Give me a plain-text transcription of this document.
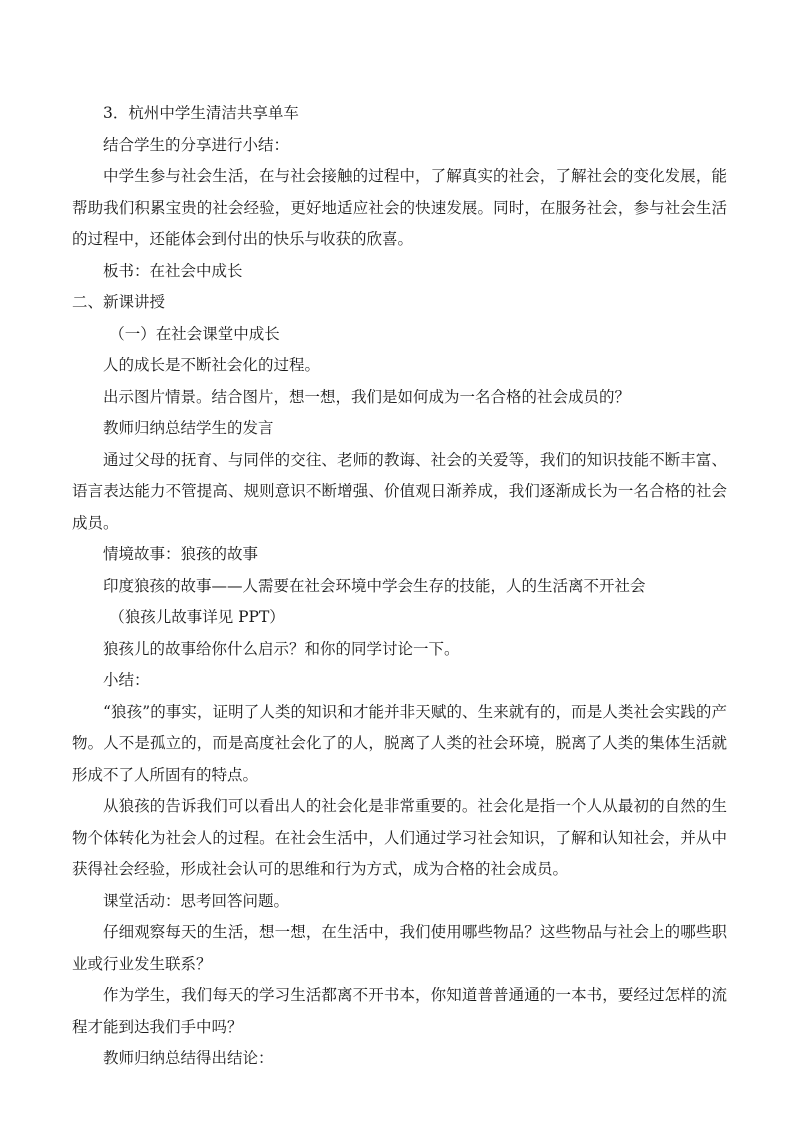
3．杭州中学生清洁共享单车

结合学生的分享进行小结：

中学生参与社会生活，在与社会接触的过程中，了解真实的社会，了解社会的变化发展，能帮助我们积累宝贵的社会经验，更好地适应社会的快速发展。同时，在服务社会，参与社会生活的过程中，还能体会到付出的快乐与收获的欣喜。

板书：在社会中成长

二、新课讲授

（一）在社会课堂中成长

人的成长是不断社会化的过程。

出示图片情景。结合图片，想一想，我们是如何成为一名合格的社会成员的？

教师归纳总结学生的发言

通过父母的抚育、与同伴的交往、老师的教诲、社会的关爱等，我们的知识技能不断丰富、语言表达能力不管提高、规则意识不断增强、价值观日渐养成，我们逐渐成长为一名合格的社会成员。

情境故事：狼孩的故事

印度狼孩的故事——人需要在社会环境中学会生存的技能，人的生活离不开社会

（狼孩儿故事详见 PPT）

狼孩儿的故事给你什么启示？和你的同学讨论一下。

小结：

“狼孩”的事实，证明了人类的知识和才能并非天赋的、生来就有的，而是人类社会实践的产物。人不是孤立的，而是高度社会化了的人，脱离了人类的社会环境，脱离了人类的集体生活就形成不了人所固有的特点。

从狼孩的告诉我们可以看出人的社会化是非常重要的。社会化是指一个人从最初的自然的生物个体转化为社会人的过程。在社会生活中，人们通过学习社会知识，了解和认知社会，并从中获得社会经验，形成社会认可的思维和行为方式，成为合格的社会成员。

课堂活动：思考回答问题。

仔细观察每天的生活，想一想，在生活中，我们使用哪些物品？这些物品与社会上的哪些职业或行业发生联系？

作为学生，我们每天的学习生活都离不开书本，你知道普普通通的一本书，要经过怎样的流程才能到达我们手中吗？

教师归纳总结得出结论：
